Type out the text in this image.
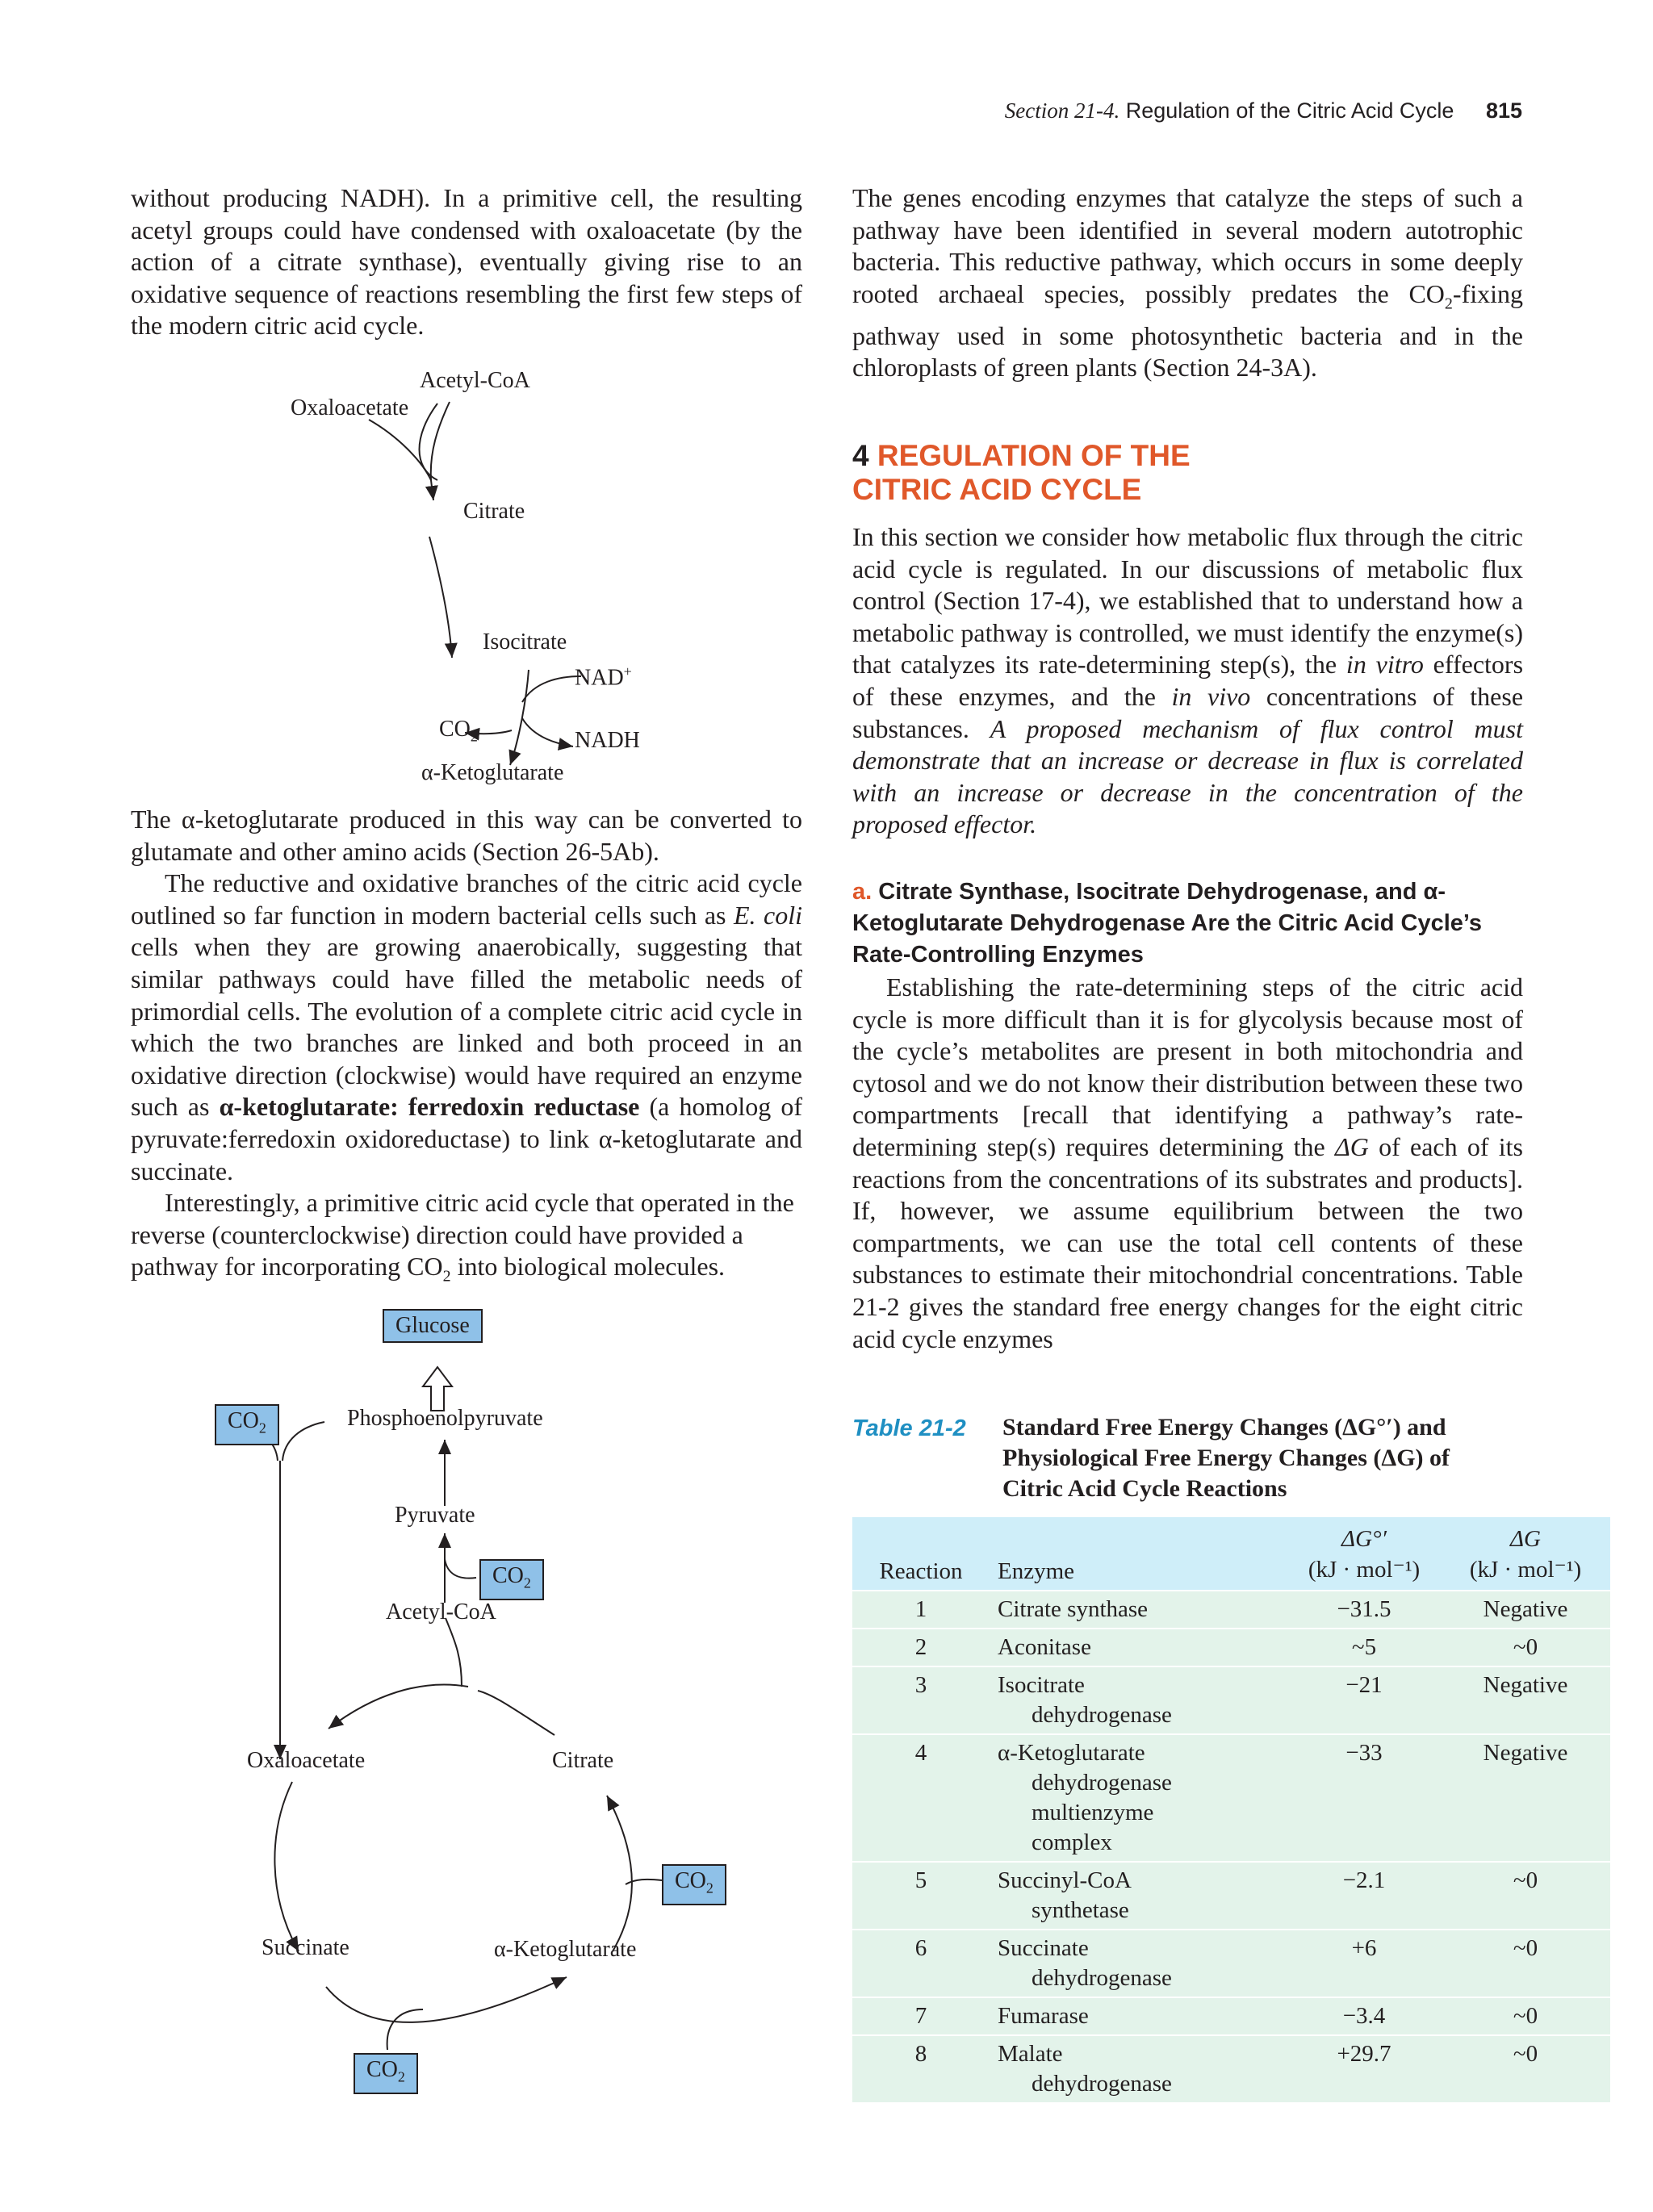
Section 21-4. Regulation of the Citric Acid Cycle 815

without producing NADH). In a primitive cell, the resulting acetyl groups could have condensed with oxaloacetate (by the action of a citrate synthase), eventually giving rise to an oxidative sequence of reactions resembling the first few steps of the modern citric acid cycle.

Acetyl-CoA
Oxaloacetate
Citrate
Isocitrate
NAD+
$CO_2$	NADH
α-Ketoglutarate

The α-ketoglutarate produced in this way can be converted to glutamate and other amino acids (Section 26-5Ab).

The reductive and oxidative branches of the citric acid cycle outlined so far function in modern bacterial cells such as E. coli cells when they are growing anaerobically, suggesting that similar pathways could have filled the metabolic needs of primordial cells. The evolution of a complete citric acid cycle in which the two branches are linked and both proceed in an oxidative direction (clockwise) would have required an enzyme such as α-ketoglutarate: ferredoxin reductase (a homolog of pyruvate:ferredoxin oxidoreductase) to link α-ketoglutarate and succinate.

Interestingly, a primitive citric acid cycle that operated in the reverse (counterclockwise) direction could have provided a pathway for incorporating $CO_2$ into biological molecules.

Glucose
$CO_2$	Phosphoenolpyruvate
Pyruvate
$CO_2$
Acetyl-CoA
Oxaloacetate	Citrate
$CO_2$
Succinate	α-Ketoglutarate
$CO_2$

The genes encoding enzymes that catalyze the steps of such a pathway have been identified in several modern autotrophic bacteria. This reductive pathway, which occurs in some deeply rooted archaeal species, possibly predates the $CO_2$-fixing pathway used in some photosynthetic bacteria and in the chloroplasts of green plants (Section 24-3A).

4 REGULATION OF THE
CITRIC ACID CYCLE

In this section we consider how metabolic flux through the citric acid cycle is regulated. In our discussions of metabolic flux control (Section 17-4), we established that to understand how a metabolic pathway is controlled, we must identify the enzyme(s) that catalyzes its rate-determining step(s), the in vitro effectors of these enzymes, and the in vivo concentrations of these substances. A proposed mechanism of flux control must demonstrate that an increase or decrease in flux is correlated with an increase or decrease in the concentration of the proposed effector.

a. Citrate Synthase, Isocitrate Dehydrogenase, and α-Ketoglutarate Dehydrogenase Are the Citric Acid Cycle’s Rate-Controlling Enzymes

Establishing the rate-determining steps of the citric acid cycle is more difficult than it is for glycolysis because most of the cycle’s metabolites are present in both mitochondria and cytosol and we do not know their distribution between these two compartments [recall that identifying a pathway’s rate-determining step(s) requires determining the ΔG of each of its reactions from the concentrations of its substrates and products]. If, however, we assume equilibrium between the two compartments, we can use the total cell contents of these substances to estimate their mitochondrial concentrations. Table 21-2 gives the standard free energy changes for the eight citric acid cycle enzymes

Table 21-2 Standard Free Energy Changes (ΔG°′) and
Physiological Free Energy Changes (ΔG) of
Citric Acid Cycle Reactions
Reaction	Enzyme	ΔG°′
(kJ · mol⁻¹)	ΔG
(kJ · mol⁻¹)
1	Citrate synthase	−31.5	Negative
2	Aconitase	~5	~0
3	Isocitrate
dehydrogenase	−21	Negative
4	α-Ketoglutarate
dehydrogenase multienzyme complex	−33	Negative
5	Succinyl-CoA
synthetase	−2.1	~0
6	Succinate
dehydrogenase	+6	~0
7	Fumarase	−3.4	~0
8	Malate
dehydrogenase	+29.7	~0
